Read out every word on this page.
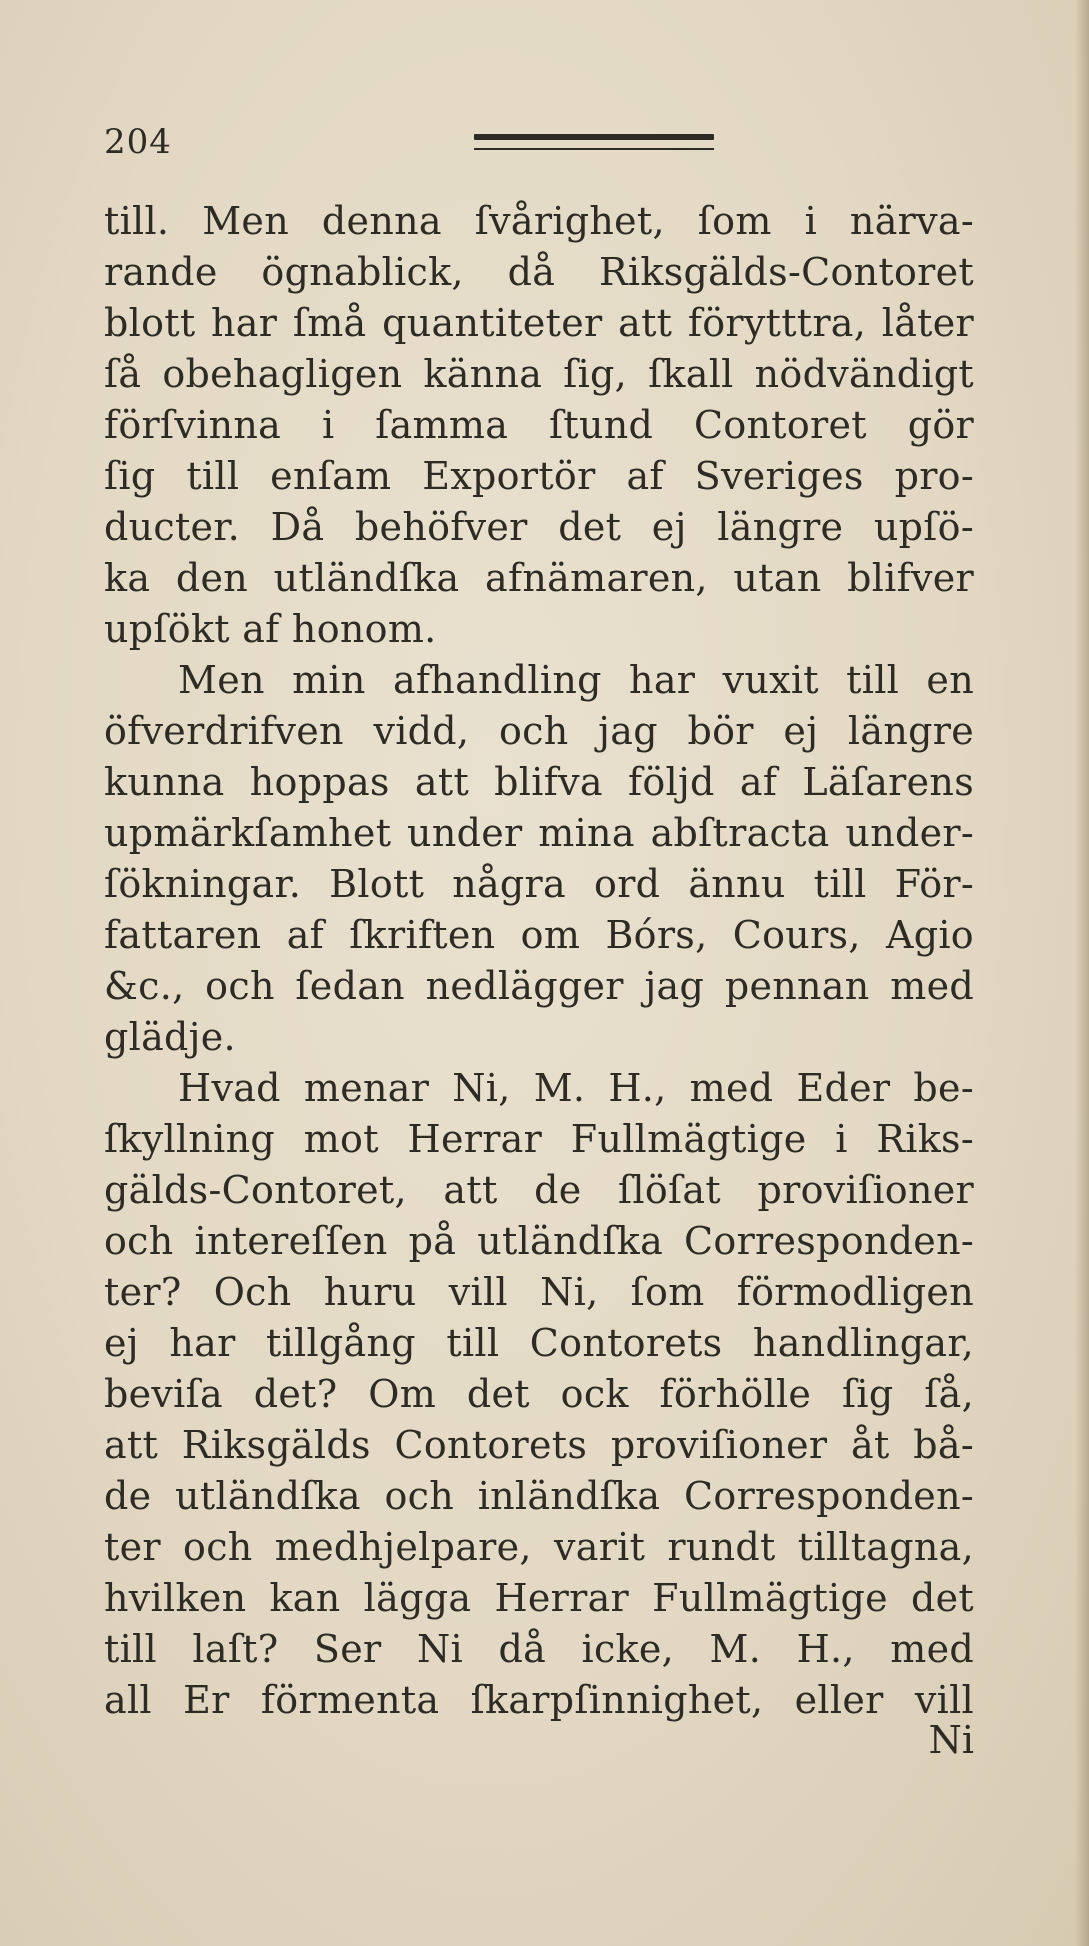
204
till. Men denna ſvårighet, ſom i närva-
rande ögnablick, då Riksgälds-Contoret
blott har ſmå quantiteter att förytttra, låter
ſå obehagligen känna ſig, ſkall nödvändigt
förſvinna i ſamma ſtund Contoret gör
ſig till enſam Exportör af Sveriges pro-
ducter. Då behöfver det ej längre upſö-
ka den utländſka afnämaren, utan blifver
upſökt af honom.
Men min afhandling har vuxit till en
öfverdrifven vidd, och jag bör ej längre
kunna hoppas att blifva följd af Läſarens
upmärkſamhet under mina abſtracta under-
ſökningar. Blott några ord ännu till För-
fattaren af ſkriften om Bórs, Cours, Agio
&c., och ſedan nedlägger jag pennan med
glädje.
Hvad menar Ni, M. H., med Eder be-
ſkyllning mot Herrar Fullmägtige i Riks-
gälds-Contoret, att de ſlöſat proviſioner
och intereſſen på utländſka Corresponden-
ter? Och huru vill Ni, ſom förmodligen
ej har tillgång till Contorets handlingar,
beviſa det? Om det ock förhölle ſig ſå,
att Riksgälds Contorets proviſioner åt bå-
de utländſka och inländſka Corresponden-
ter och medhjelpare, varit rundt tilltagna,
hvilken kan lägga Herrar Fullmägtige det
till laſt? Ser Ni då icke, M. H., med
all Er förmenta ſkarpſinnighet, eller vill
Ni
